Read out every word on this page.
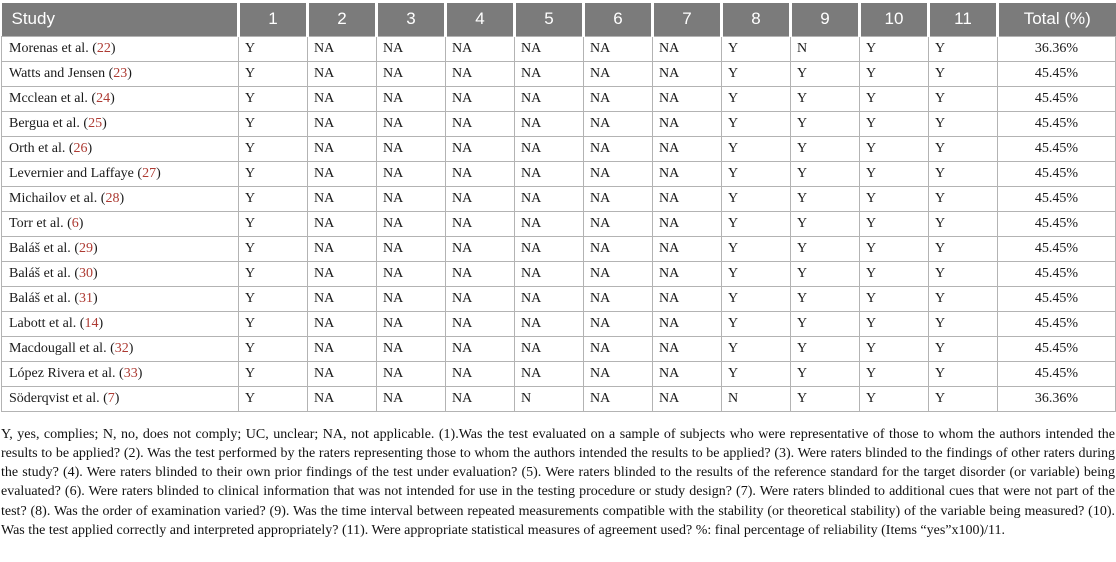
Study	1	2	3	4	5	6	7	8	9	10	11	Total (%)
Morenas et al. (22)	Y	NA	NA	NA	NA	NA	NA	Y	N	Y	Y	36.36%
Watts and Jensen (23)	Y	NA	NA	NA	NA	NA	NA	Y	Y	Y	Y	45.45%
Mcclean et al. (24)	Y	NA	NA	NA	NA	NA	NA	Y	Y	Y	Y	45.45%
Bergua et al. (25)	Y	NA	NA	NA	NA	NA	NA	Y	Y	Y	Y	45.45%
Orth et al. (26)	Y	NA	NA	NA	NA	NA	NA	Y	Y	Y	Y	45.45%
Levernier and Laffaye (27)	Y	NA	NA	NA	NA	NA	NA	Y	Y	Y	Y	45.45%
Michailov et al. (28)	Y	NA	NA	NA	NA	NA	NA	Y	Y	Y	Y	45.45%
Torr et al. (6)	Y	NA	NA	NA	NA	NA	NA	Y	Y	Y	Y	45.45%
Baláš et al. (29)	Y	NA	NA	NA	NA	NA	NA	Y	Y	Y	Y	45.45%
Baláš et al. (30)	Y	NA	NA	NA	NA	NA	NA	Y	Y	Y	Y	45.45%
Baláš et al. (31)	Y	NA	NA	NA	NA	NA	NA	Y	Y	Y	Y	45.45%
Labott et al. (14)	Y	NA	NA	NA	NA	NA	NA	Y	Y	Y	Y	45.45%
Macdougall et al. (32)	Y	NA	NA	NA	NA	NA	NA	Y	Y	Y	Y	45.45%
López Rivera et al. (33)	Y	NA	NA	NA	NA	NA	NA	Y	Y	Y	Y	45.45%
Söderqvist et al. (7)	Y	NA	NA	NA	N	NA	NA	N	Y	Y	Y	36.36%

Y, yes, complies; N, no, does not comply; UC, unclear; NA, not applicable. (1).Was the test evaluated on a sample of subjects who were representative of those to whom the authors intended the results to be applied? (2). Was the test performed by the raters representing those to whom the authors intended the results to be applied? (3). Were raters blinded to the findings of other raters during the study? (4). Were raters blinded to their own prior findings of the test under evaluation? (5). Were raters blinded to the results of the reference standard for the target disorder (or variable) being evaluated? (6). Were raters blinded to clinical information that was not intended for use in the testing procedure or study design? (7). Were raters blinded to additional cues that were not part of the test? (8). Was the order of examination varied? (9). Was the time interval between repeated measurements compatible with the stability (or theoretical stability) of the variable being measured? (10). Was the test applied correctly and interpreted appropriately? (11). Were appropriate statistical measures of agreement used? %: final percentage of reliability (Items “yes”x100)/11.
